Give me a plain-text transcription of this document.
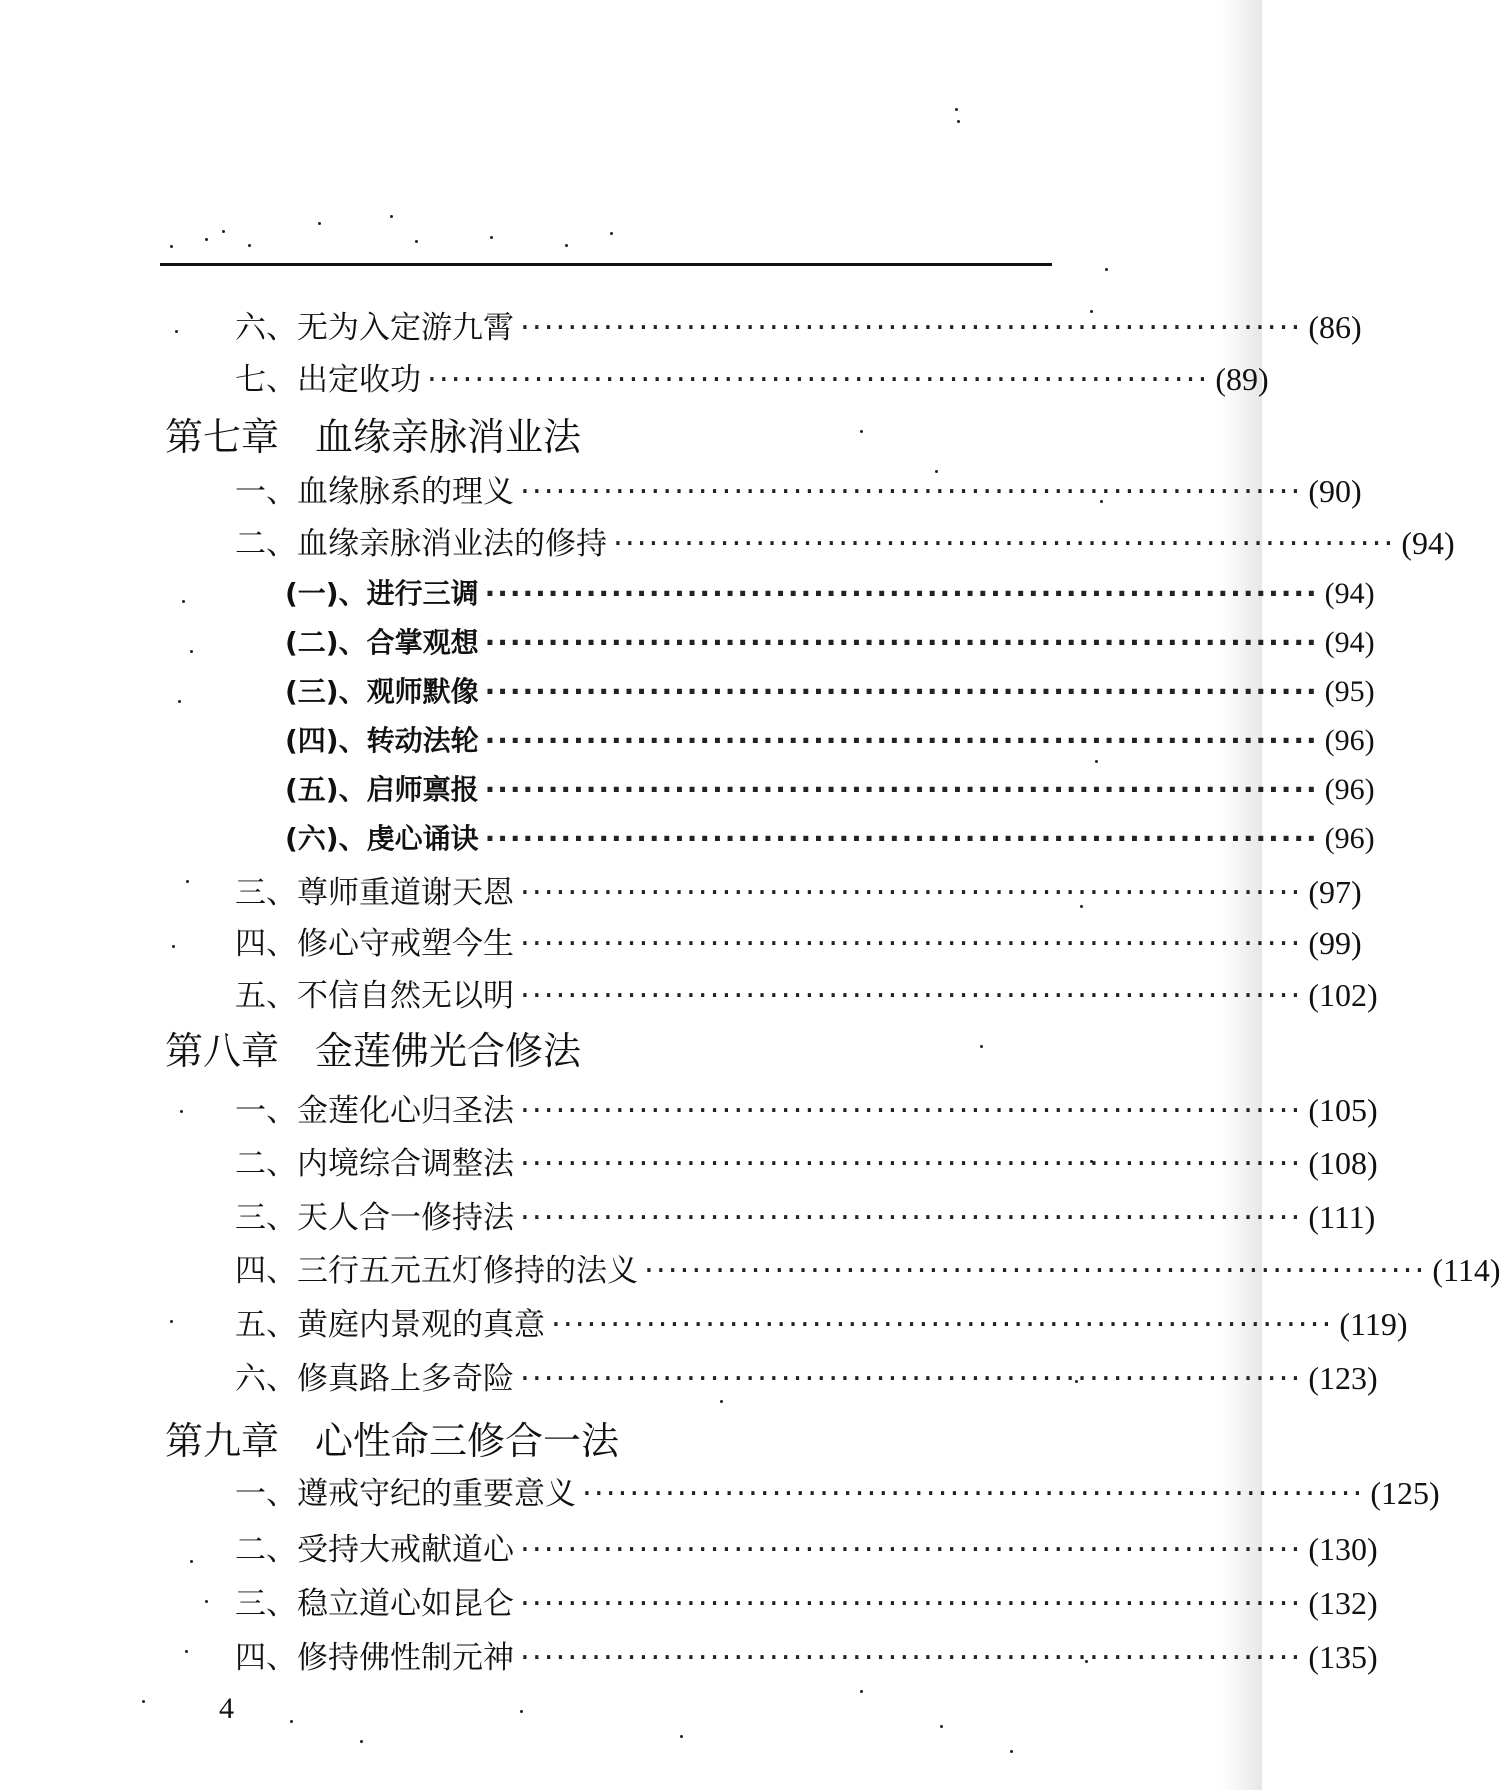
六、无为入定游九霄 ·································································· (86)
七、出定收功 ·································································· (89)
第七章 血缘亲脉消业法
一、血缘脉系的理义 ·································································· (90)
二、血缘亲脉消业法的修持 ·································································· (94)
(一)、进行三调 ·································································· (94)
(二)、合掌观想 ·································································· (94)
(三)、观师默像 ·································································· (95)
(四)、转动法轮 ·································································· (96)
(五)、启师禀报 ·································································· (96)
(六)、虔心诵诀 ·································································· (96)
三、尊师重道谢天恩 ·································································· (97)
四、修心守戒塑今生 ·································································· (99)
五、不信自然无以明 ·································································· (102)
第八章 金莲佛光合修法
一、金莲化心归圣法 ·································································· (105)
二、内境综合调整法 ·································································· (108)
三、天人合一修持法 ·································································· (111)
四、三行五元五灯修持的法义 ·································································· (114)
五、黄庭内景观的真意 ·································································· (119)
六、修真路上多奇险 ·································································· (123)
第九章 心性命三修合一法
一、遵戒守纪的重要意义 ·································································· (125)
二、受持大戒献道心 ·································································· (130)
三、稳立道心如昆仑 ·································································· (132)
四、修持佛性制元神 ·································································· (135)
4
